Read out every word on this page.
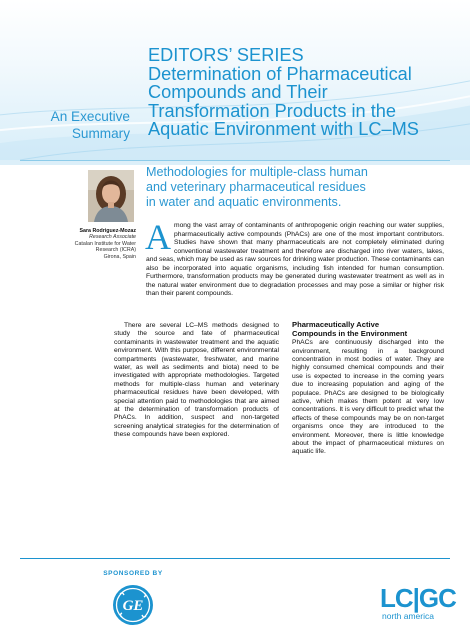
EDITORS’ SERIES
Determination of Pharmaceutical
Compounds and Their
Transformation Products in the
Aquatic Environment with LC–MS
An Executive
Summary
Sara Rodriguez-Mozaz
Research Associate
Catalan Institute for Water
Research (ICRA)
Girona, Spain
Methodologies for multiple-class human
and veterinary pharmaceutical residues
in water and aquatic environments.
Among the vast array of contaminants of anthropogenic origin reaching our water supplies, pharmaceutically active compounds (PhACs) are one of the most important contributors. Studies have shown that many pharmaceuticals are not completely eliminated during conventional wastewater treatment and therefore are discharged into river waters, lakes, and seas, which may be used as raw sources for drinking water production. These contaminants can also be incorporated into aquatic organisms, including fish intended for human consumption. Furthermore, transformation products may be generated during wastewater treatment as well as in the natural water environment due to degradation processes and may pose a similar or higher risk than their parent compounds.
There are several LC–MS methods designed to study the source and fate of pharmaceutical contaminants in wastewater treatment and the aquatic environment. With this purpose, different environmental compartments (wastewater, freshwater, and marine water, as well as sediments and biota) need to be investigated with appropriate methodologies. Targeted methods for multiple-class human and veterinary pharmaceutical residues have been developed, with special attention paid to methodologies that are aimed at the determination of transformation products of PhACs. In addition, suspect and non-targeted screening analytical strategies for the determination of these compounds have been explored.
Pharmaceutically Active
Compounds in the Environment
PhACs are continuously discharged into the environment, resulting in a background concentration in most bodies of water. They are highly consumed chemical compounds and their use is expected to increase in the coming years due to increasing population and aging of the populace. PhACs are designed to be biologically active, which makes them potent at very low concentrations. It is very difficult to predict what the effects of these compounds may be on non-target organisms once they are introduced to the environment. Moreover, there is little knowledge about the impact of pharmaceutical mixtures on aquatic life.
SPONSORED BY
GE	LC|GC
north america
